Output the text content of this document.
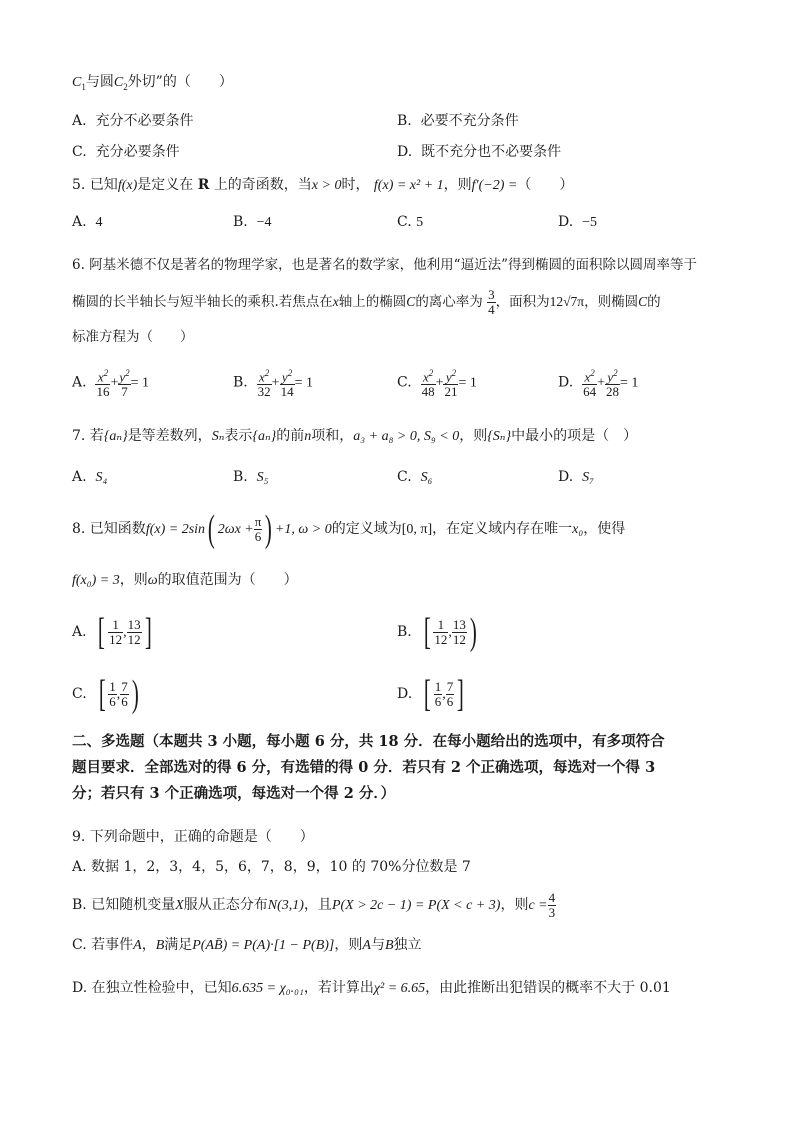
$C_1$与圆$C_2$外切”的（　　）
A. 充分不必要条件	B. 必要不充分条件
C. 充分必要条件	D. 既不充分也不必要条件
5. 已知f(x)是定义在 R 上的奇函数，当x > 0时， f(x) = x² + 1，则f′(−2) =（　　）
A. 4	B. −4	C. 5	D. −5
6. 阿基米德不仅是著名的物理学家，也是著名的数学家，他利用“逼近法”得到椭圆的面积除以圆周率等于
椭圆的长半轴长与短半轴长的乘积.若焦点在x轴上的椭圆C的离心率为 $\frac{3}{4}$ ，面积为12√7π，则椭圆C的
标准方程为（　　）
A. $\frac{x^2}{16} + \frac{y^2}{7} = 1$	B. $\frac{x^2}{32} + \frac{y^2}{14} = 1$	C. $\frac{x^2}{48} + \frac{y^2}{21} = 1$	D. $\frac{x^2}{64} + \frac{y^2}{28} = 1$
7. 若{aₙ}是等差数列，Sₙ表示{aₙ}的前n项和，a₃ + a₈ > 0, S₉ < 0，则{Sₙ}中最小的项是（　）
A. S₄	B. S₅	C. S₆	D. S₇
8. 已知函数f(x) = 2sin( $2\omega x + \frac{\pi}{6}$ ) +1, ω > 0的定义域为[0, π]，在定义域内存在唯一x₀，使得
f(x₀) = 3，则ω的取值范围为（　　）
A. [ $\frac{1}{12}$ , $\frac{13}{12}$ ]	B. [ $\frac{1}{12}$ , $\frac{13}{12}$ )
C. [ $\frac{1}{6}$ , $\frac{7}{6}$ )	D. [ $\frac{1}{6}$ , $\frac{7}{6}$ ]
二、多选题（本题共 3 小题，每小题 6 分，共 18 分．在每小题给出的选项中，有多项符合
题目要求．全部选对的得 6 分，有选错的得 0 分．若只有 2 个正确选项，每选对一个得 3
分；若只有 3 个正确选项，每选对一个得 2 分．）
9. 下列命题中，正确的命题是（　　）
A. 数据 1，2，3，4，5，6，7，8，9，10 的 70%分位数是 7
B. 已知随机变量X服从正态分布N(3,1)，且P(X > 2c − 1) = P(X < c + 3)，则$c = \frac{4}{3}$
C. 若事件A，B满足P(AB̄) = P(A)·[1 − P(B)]，则A与B独立
D. 在独立性检验中，已知6.635 = χ₀.₀₁，若计算出χ² = 6.65，由此推断出犯错误的概率不大于 0.01
